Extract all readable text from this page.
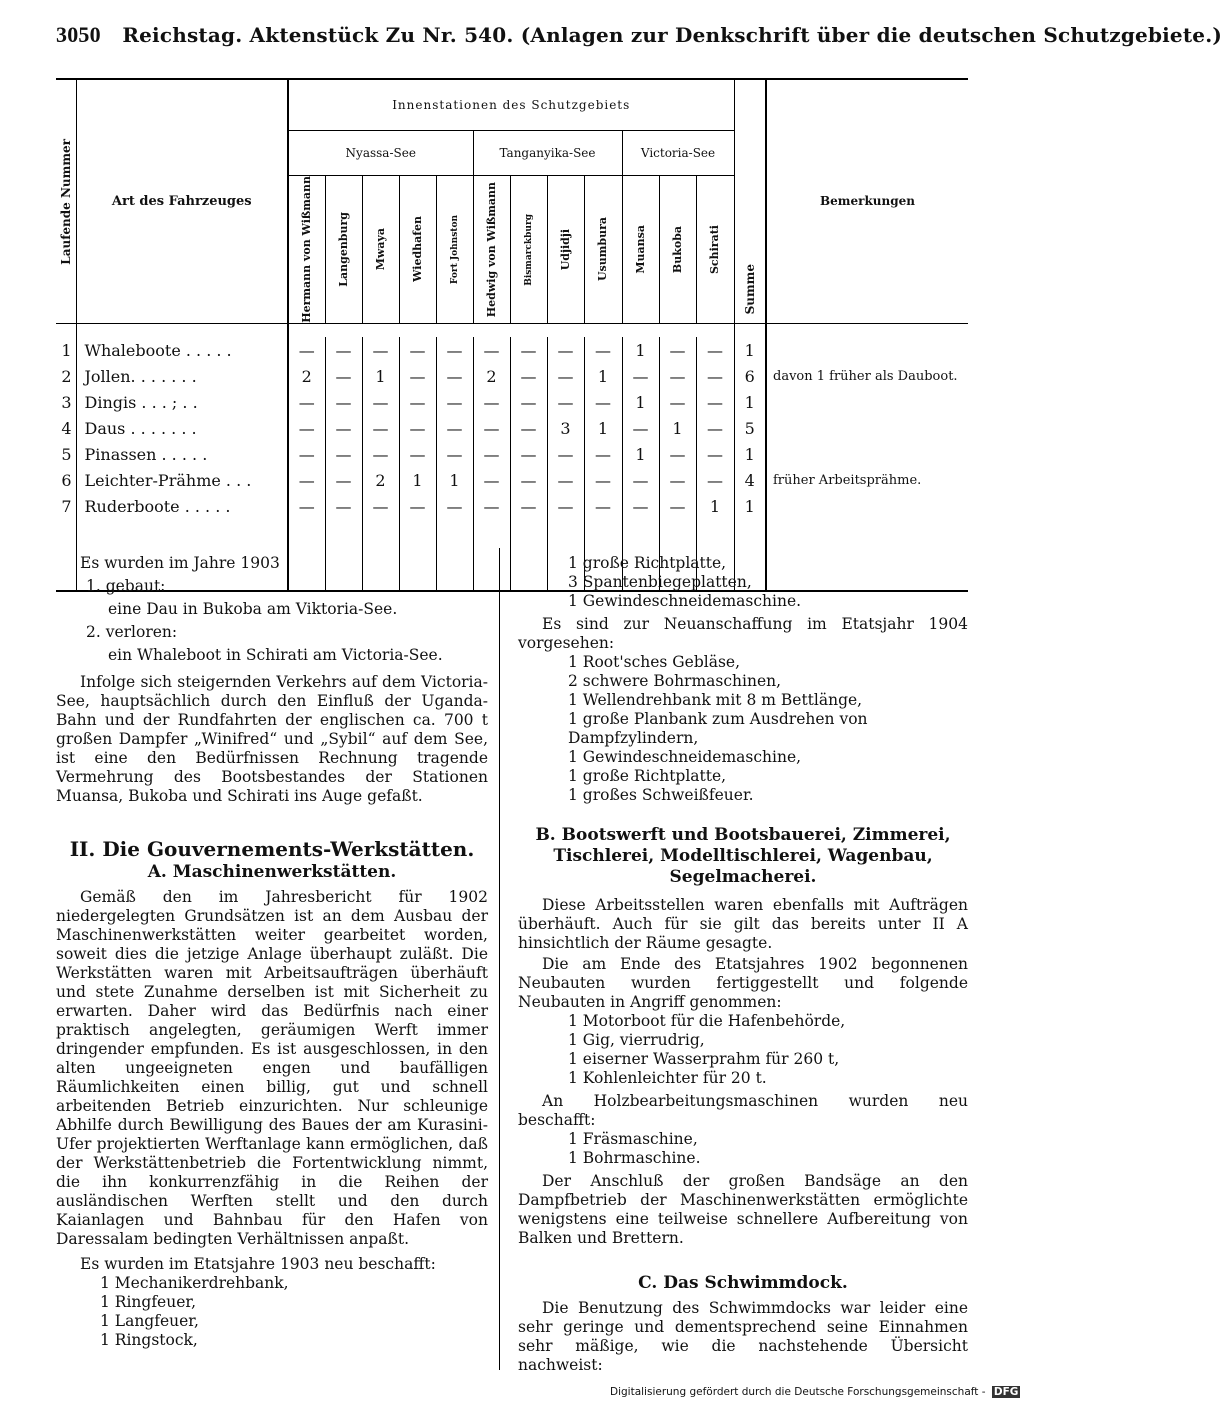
3050 Reichstag. Aktenstück Zu Nr. 540. (Anlagen zur Denkschrift über die deutschen Schutzgebiete.)
Laufende Nummer	Art des Fahrzeuges	Innenstationen des Schutzgebiets												Summe	Bemerkungen
		Nyassa-See					Tanganyika-See				Victoria-See				

		Hermann von Wißmann	Langenburg	Mwaya	Wiedhafen	Fort Johnston	Hedwig von Wißmann	Bismarckburg	Udjidji	Usumbura	Muansa	Bukoba	Schirati		

1	Whaleboote . . . . .	—	—	—	—	—	—	—	—	—	1	—	—	1	
2	Jollen. . . . . . .	2	—	1	—	—	2	—	—	1	—	—	—	6	davon 1 früher als Dauboot.
3	Dingis . . . ; . .	—	—	—	—	—	—	—	—	—	1	—	—	1	
4	Daus . . . . . . .	—	—	—	—	—	—	—	3	1	—	1	—	5	
5	Pinassen . . . . .	—	—	—	—	—	—	—	—	—	1	—	—	1	
6	Leichter-Prähme . . .	—	—	2	1	1	—	—	—	—	—	—	—	4	früher Arbeitsprähme.
7	Ruderboote . . . . .	—	—	—	—	—	—	—	—	—	—	—	1	1	

Es wurden im Jahre 1903

1. gebaut:

eine Dau in Bukoba am Viktoria-See.

2. verloren:

ein Whaleboot in Schirati am Victoria-See.

Infolge sich steigernden Verkehrs auf dem Victoria-See, hauptsächlich durch den Einfluß der Uganda-Bahn und der Rundfahrten der englischen ca. 700 t großen Dampfer „Winifred“ und „Sybil“ auf dem See, ist eine den Bedürfnissen Rechnung tragende Vermehrung des Bootsbestandes der Stationen Muansa, Bukoba und Schirati ins Auge gefaßt.

II. Die Gouvernements-Werkstätten.
A. Maschinenwerkstätten.

Gemäß den im Jahresbericht für 1902 niedergelegten Grundsätzen ist an dem Ausbau der Maschinenwerkstätten weiter gearbeitet worden, soweit dies die jetzige Anlage überhaupt zuläßt. Die Werkstätten waren mit Arbeitsaufträgen überhäuft und stete Zunahme derselben ist mit Sicherheit zu erwarten. Daher wird das Bedürfnis nach einer praktisch angelegten, geräumigen Werft immer dringender empfunden. Es ist ausgeschlossen, in den alten ungeeigneten engen und baufälligen Räumlichkeiten einen billig, gut und schnell arbeitenden Betrieb einzurichten. Nur schleunige Abhilfe durch Bewilligung des Baues der am Kurasini-Ufer projektierten Werftanlage kann ermöglichen, daß der Werkstättenbetrieb die Fortentwicklung nimmt, die ihn konkurrenzfähig in die Reihen der ausländischen Werften stellt und den durch Kaianlagen und Bahnbau für den Hafen von Daressalam bedingten Verhältnissen anpaßt.

Es wurden im Etatsjahre 1903 neu beschafft:

1 Mechanikerdrehbank,

1 Ringfeuer,

1 Langfeuer,

1 Ringstock,

1 große Richtplatte,

3 Spantenbiegeplatten,

1 Gewindeschneidemaschine.

Es sind zur Neuanschaffung im Etatsjahr 1904 vorgesehen:

1 Root'sches Gebläse,

2 schwere Bohrmaschinen,

1 Wellendrehbank mit 8 m Bettlänge,

1 große Planbank zum Ausdrehen von Dampfzylindern,

1 Gewindeschneidemaschine,

1 große Richtplatte,

1 großes Schweißfeuer.

B. Bootswerft und Bootsbauerei, Zimmerei, Tischlerei, Modelltischlerei, Wagenbau, Segelmacherei.

Diese Arbeitsstellen waren ebenfalls mit Aufträgen überhäuft. Auch für sie gilt das bereits unter II A hinsichtlich der Räume gesagte.

Die am Ende des Etatsjahres 1902 begonnenen Neubauten wurden fertiggestellt und folgende Neubauten in Angriff genommen:

1 Motorboot für die Hafenbehörde,

1 Gig, vierrudrig,

1 eiserner Wasserprahm für 260 t,

1 Kohlenleichter für 20 t.

An Holzbearbeitungsmaschinen wurden neu beschafft:

1 Fräsmaschine,

1 Bohrmaschine.

Der Anschluß der großen Bandsäge an den Dampfbetrieb der Maschinenwerkstätten ermöglichte wenigstens eine teilweise schnellere Aufbereitung von Balken und Brettern.

C. Das Schwimmdock.

Die Benutzung des Schwimmdocks war leider eine sehr geringe und dementsprechend seine Einnahmen sehr mäßige, wie die nachstehende Übersicht nachweist:

Digitalisierung gefördert durch die Deutsche Forschungsgemeinschaft - DFG
